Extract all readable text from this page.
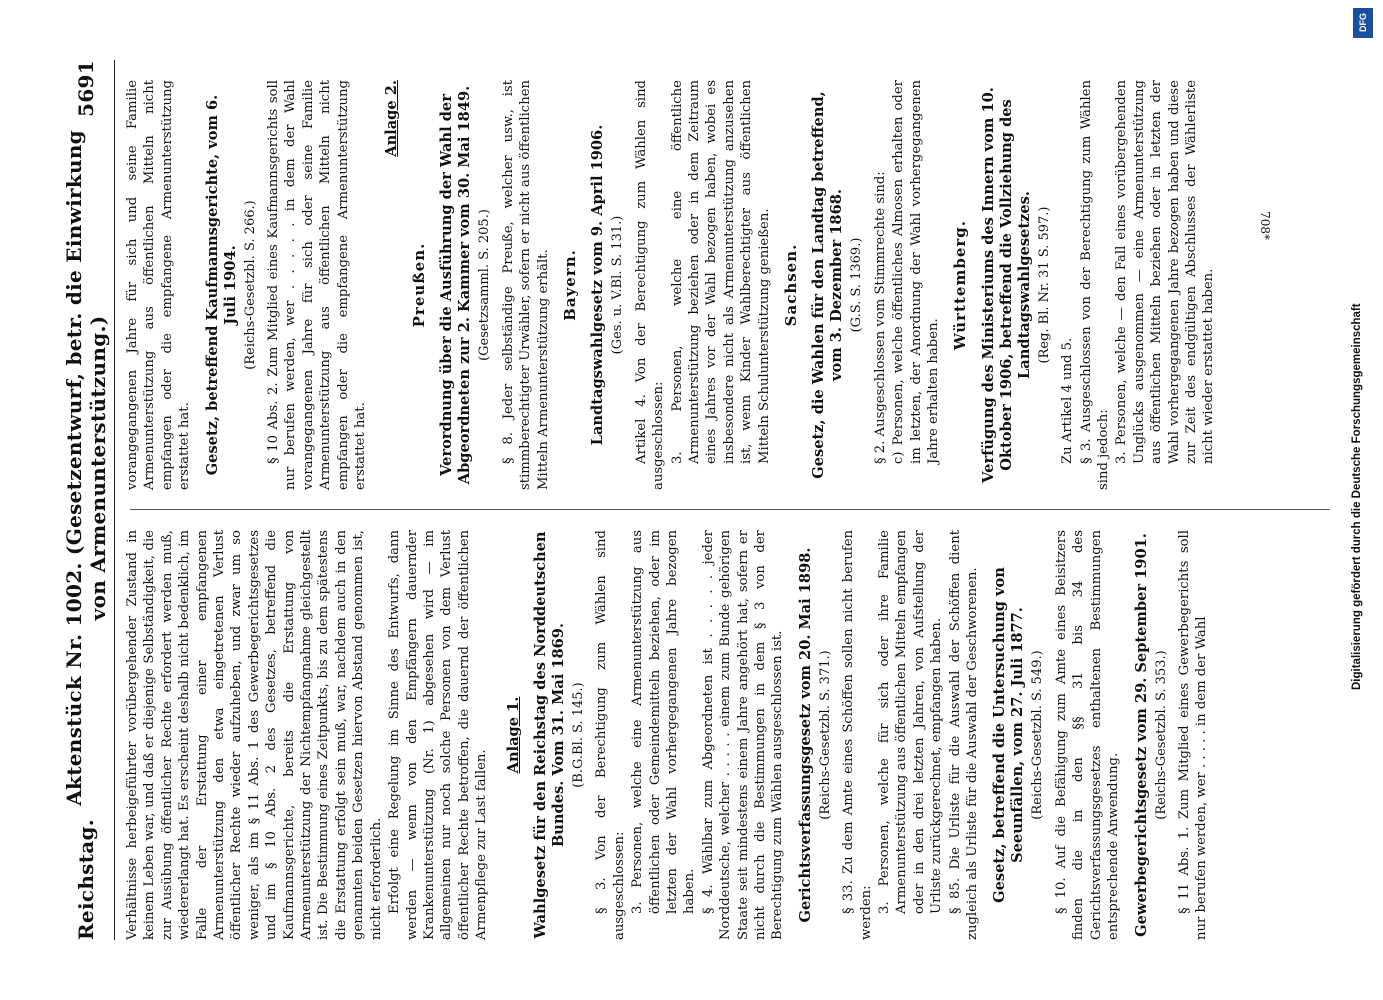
Reichstag.
Aktenstück Nr. 1002. (Gesetzentwurf, betr. die Einwirkung von Armenunterstützung.)
5691

Verhältnisse herbeigeführter vorübergehender Zustand in keinem Leben war, und daß er diejenige Selbständigkeit, die zur Ausübung öffentlicher Rechte erfordert werden muß, wiedererlangt hat. Es erscheint deshalb nicht bedenklich, im Falle der Erstattung einer empfangenen Armenunterstützung den etwa eingetretenen Verlust öffentlicher Rechte wieder aufzuheben, und zwar um so weniger, als im § 11 Abs. 1 des Gewerbegerichtsgesetzes und im § 10 Abs. 2 des Gesetzes, betreffend die Kaufmannsgerichte, bereits die Erstattung von Armenunterstützung der Nichtempfangnahme gleichgestellt ist. Die Bestimmung eines Zeitpunkts, bis zu dem spätestens die Erstattung erfolgt sein muß, war, nachdem auch in den genannten beiden Gesetzen hiervon Abstand genommen ist, nicht erforderlich. Erfolgt eine Regelung im Sinne des Entwurfs, dann werden — wenn von den Empfängern dauernder Krankenunterstützung (Nr. 1) abgesehen wird — im allgemeinen nur noch solche Personen von dem Verlust öffentlicher Rechte betroffen, die dauernd der öffentlichen Armenpflege zur Last fallen.

Anlage 1. Wahlgesetz für den Reichstag des Norddeutschen Bundes. Vom 31. Mai 1869. (B.G.Bl. S. 145.) § 3. Von der Berechtigung zum Wählen sind ausgeschlossen: 3. Personen, welche eine Armenunterstützung aus öffentlichen oder Gemeindemitteln beziehen, oder im letzten der Wahl vorhergegangenen Jahre bezogen haben. § 4. Wählbar zum Abgeordneten ist . . . . . jeder Norddeutsche, welcher . . . . . einem zum Bunde gehörigen Staate seit mindestens einem Jahre angehört hat, sofern er nicht durch die Bestimmungen in dem § 3 von der Berechtigung zum Wählen ausgeschlossen ist. Gerichtsverfassungsgesetz vom 20. Mai 1898. (Reichs-Gesetzbl. S. 371.) § 33. Zu dem Amte eines Schöffen sollen nicht berufen werden: 3. Personen, welche für sich oder ihre Familie Armenunterstützung aus öffentlichen Mitteln empfangen oder in den drei letzten Jahren, von Aufstellung der Urliste zurückgerechnet, empfangen haben. § 85. Die Urliste für die Auswahl der Schöffen dient zugleich als Urliste für die Auswahl der Geschworenen. Gesetz, betreffend die Untersuchung von Seeunfällen, vom 27. Juli 1877. (Reichs-Gesetzbl. S. 549.) § 10. Auf die Befähigung zum Amte eines Beisitzers finden die in den §§ 31 bis 34 des Gerichtsverfassungsgesetzes enthaltenen Bestimmungen entsprechende Anwendung. Gewerbegerichtsgesetz vom 29. September 1901. (Reichs-Gesetzbl. S. 353.) § 11 Abs. 1. Zum Mitglied eines Gewerbegerichts soll nur berufen werden, wer . . . . . in dem der Wahl

vorangegangenen Jahre für sich und seine Familie Armenunterstützung aus öffentlichen Mitteln nicht empfangen oder die empfangene Armenunterstützung erstattet hat. Gesetz, betreffend Kaufmannsgerichte, vom 6. Juli 1904. (Reichs-Gesetzbl. S. 266.) § 10 Abs. 2. Zum Mitglied eines Kaufmannsgerichts soll nur berufen werden, wer . . . . . in dem der Wahl vorangegangenen Jahre für sich oder seine Familie Armenunterstützung aus öffentlichen Mitteln nicht empfangen oder die empfangene Armenunterstützung erstattet hat.

Anlage 2.
Preußen. Verordnung über die Ausführung der Wahl der Abgeordneten zur 2. Kammer vom 30. Mai 1849. (Gesetzsamml. S. 205.) § 8. Jeder selbständige Preuße, welcher usw., ist stimmberechtigter Urwähler, sofern er nicht aus öffentlichen Mitteln Armenunterstützung erhält. Bayern. Landtagswahlgesetz vom 9. April 1906. (Ges. u. V.Bl. S. 131.) Artikel 4. Von der Berechtigung zum Wählen sind ausgeschlossen: 3. Personen, welche eine öffentliche Armenunterstützung beziehen oder in dem Zeitraum eines Jahres vor der Wahl bezogen haben, wobei es insbesondere nicht als Armenunterstützung anzusehen ist, wenn Kinder Wahlberechtigter aus öffentlichen Mitteln Schulunterstützung genießen. Sachsen. Gesetz, die Wahlen für den Landtag betreffend, vom 3. Dezember 1868. (G.S. S. 1369.) § 2. Ausgeschlossen vom Stimmrechte sind: c) Personen, welche öffentliches Almosen erhalten oder im letzten, der Anordnung der Wahl vorhergegangenen Jahre erhalten haben.

Württemberg. Verfügung des Ministeriums des Innern vom 10. Oktober 1906, betreffend die Vollziehung des Landtagswahlgesetzes. (Reg. Bl. Nr. 31 S. 597.)

Zu Artikel 4 und 5. § 3. Ausgeschlossen von der Berechtigung zum Wählen sind jedoch: 3. Personen, welche — den Fall eines vorübergehenden Unglücks ausgenommen — eine Armenunterstützung aus öffentlichen Mitteln beziehen oder in letzten der Wahl vorhergegangenen Jahre bezogen haben und diese zur Zeit des endgültigen Abschlusses der Wählerliste nicht wieder erstattet haben.

708*
DFG
Digitalisierung gefördert durch die Deutsche Forschungsgemeinschaft
